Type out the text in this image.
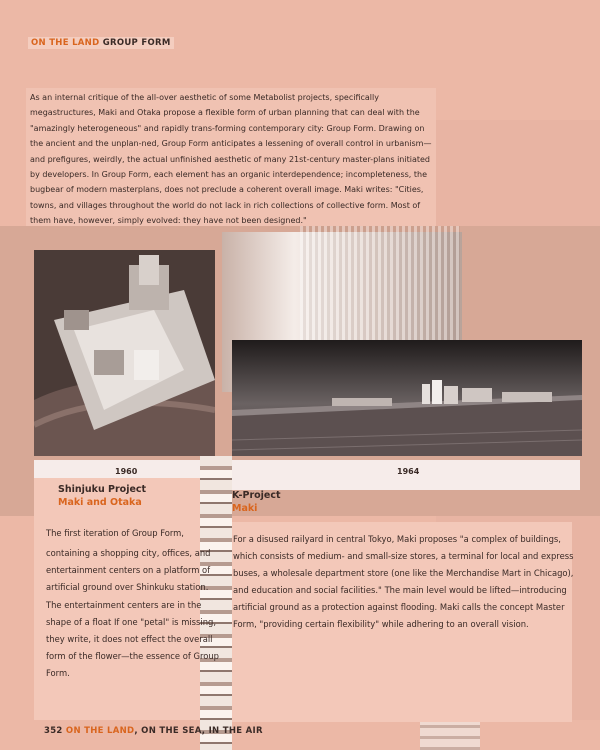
ON THE LAND GROUP FORM
As an internal critique of the all-over aesthetic of some Metabolist projects, specifically megastructures, Maki and Otaka propose a flexible form of urban planning that can deal with the "amazingly heterogeneous" and rapidly trans-forming contemporary city: Group Form. Drawing on the ancient and the unplan-ned, Group Form anticipates a lessening of overall control in urbanism—and prefigures, weirdly, the actual unfinished aesthetic of many 21st-century master-plans initiated by developers. In Group Form, each element has an organic interdependence; incompleteness, the bugbear of modern masterplans, does not preclude a coherent overall image. Maki writes: "Cities, towns, and villages throughout the world do not lack in rich collections of collective form. Most of them have, however, simply evolved: they have not been designed."
1960	1964
Shinjuku Project
Maki and Otaka
The first iteration of Group Form,
containing a shopping city, offices, and entertainment centers on a platform of artificial ground over Shinkuku station. The entertainment centers are in the shape of a float If one "petal" is missing, they write, it does not effect the overall form of the flower—the essence of Group Form.
K-Project
Maki
For a disused railyard in central Tokyo, Maki proposes "a complex of buildings, which consists of medium- and small-size stores, a terminal for local and express buses, a wholesale department store (one like the Merchandise Mart in Chicago), and education and social facilities." The main level would be lifted—introducing artificial ground as a protection against flooding. Maki calls the concept Master Form, "providing certain flexibility" while adhering to an overall vision.
352 ON THE LAND, ON THE SEA, IN THE AIR
